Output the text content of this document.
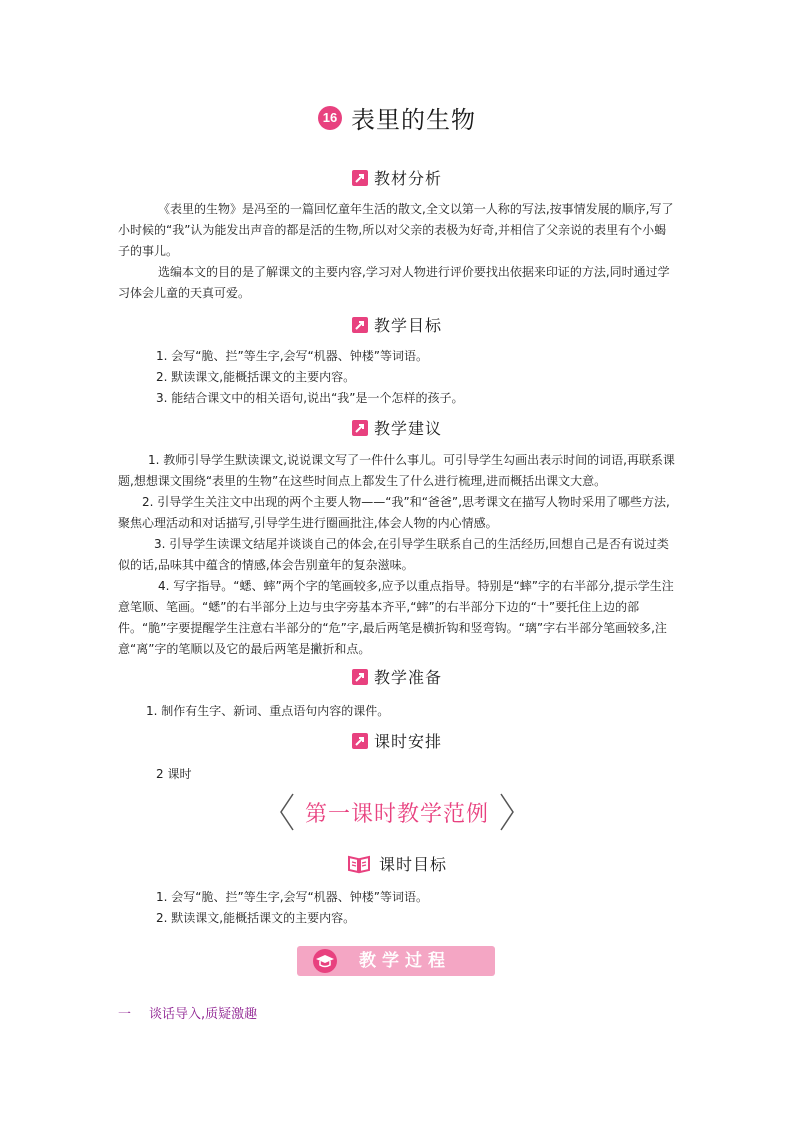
16 表里的生物
教材分析

《表里的生物》是冯至的一篇回忆童年生活的散文,全文以第一人称的写法,按事情发展的顺序,写了小时候的“我”认为能发出声音的都是活的生物,所以对父亲的表极为好奇,并相信了父亲说的表里有个小蝎子的事儿。

选编本文的目的是了解课文的主要内容,学习对人物进行评价要找出依据来印证的方法,同时通过学习体会儿童的天真可爱。

教学目标

1. 会写“脆、拦”等生字,会写“机器、钟楼”等词语。

2. 默读课文,能概括课文的主要内容。

3. 能结合课文中的相关语句,说出“我”是一个怎样的孩子。

教学建议

1. 教师引导学生默读课文,说说课文写了一件什么事儿。可引导学生勾画出表示时间的词语,再联系课题,想想课文围绕“表里的生物”在这些时间点上都发生了什么进行梳理,进而概括出课文大意。

2. 引导学生关注文中出现的两个主要人物——“我”和“爸爸”,思考课文在描写人物时采用了哪些方法,聚焦心理活动和对话描写,引导学生进行圈画批注,体会人物的内心情感。

3. 引导学生读课文结尾并谈谈自己的体会,在引导学生联系自己的生活经历,回想自己是否有说过类似的话,品味其中蕴含的情感,体会告别童年的复杂滋味。

4. 写字指导。“蟋、蟀”两个字的笔画较多,应予以重点指导。特别是“蟀”字的右半部分,提示学生注意笔顺、笔画。“蟋”的右半部分上边与虫字旁基本齐平,“蟀”的右半部分下边的“十”要托住上边的部件。“脆”字要提醒学生注意右半部分的“危”字,最后两笔是横折钩和竖弯钩。“璃”字右半部分笔画较多,注意“离”字的笔顺以及它的最后两笔是撇折和点。

教学准备

1. 制作有生字、新词、重点语句内容的课件。

课时安排
2 课时
第一课时教学范例
课时目标

1. 会写“脆、拦”等生字,会写“机器、钟楼”等词语。

2. 默读课文,能概括课文的主要内容。

教学过程
一 谈话导入,质疑激趣
